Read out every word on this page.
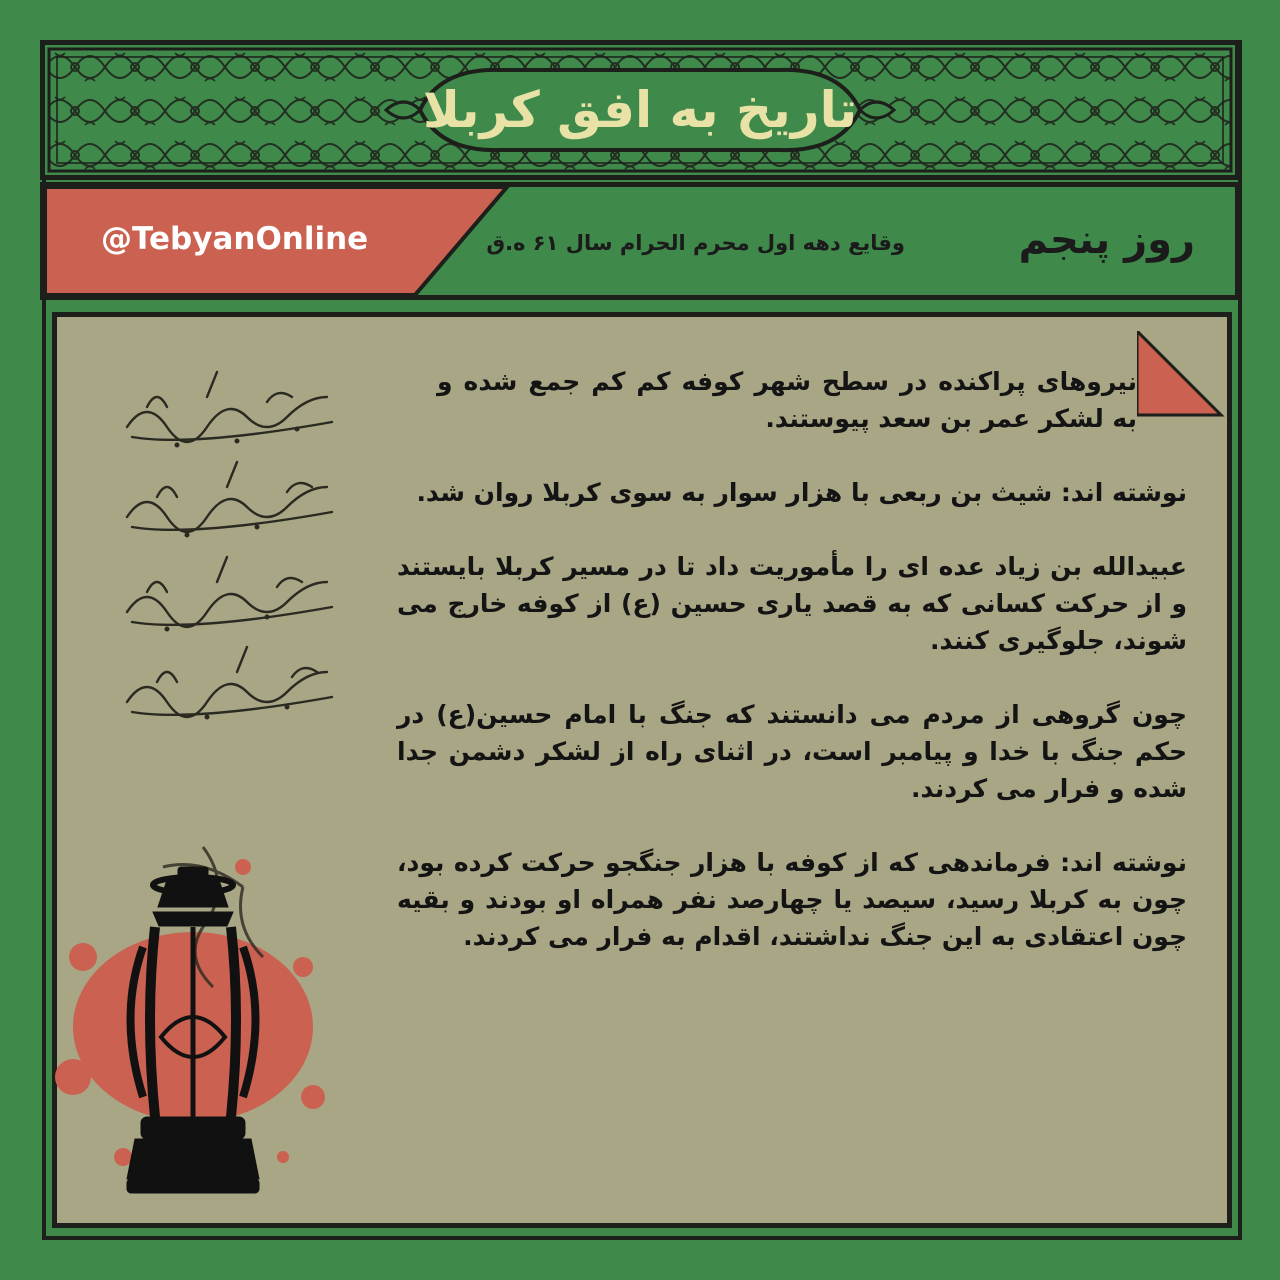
تاریخ به افق کربلا
@TebyanOnline	وقایع دهه اول محرم الحرام سال ۶۱ ه.ق	روز پنجم

نیروهای پراکنده در سطح شهر کوفه کم کم جمع شده و به لشکر عمر بن سعد پیوستند.

نوشته اند: شیث بن ربعی با هزار سوار به سوی کربلا روان شد.

عبیدالله بن زیاد عده ای را مأموریت داد تا در مسیر کربلا بایستند و از حرکت کسانی که به قصد یاری حسین (ع) از کوفه خارج می شوند، جلوگیری کنند.

چون گروهی از مردم می دانستند که جنگ با امام حسین(ع) در حکم جنگ با خدا و پیامبر است، در اثنای راه از لشکر دشمن جدا شده و فرار می کردند.

نوشته اند: فرماندهی که از کوفه با هزار جنگجو حرکت کرده بود، چون به کربلا رسید، سیصد یا چهارصد نفر همراه او بودند و بقیه چون اعتقادی به این جنگ نداشتند، اقدام به فرار می کردند.
